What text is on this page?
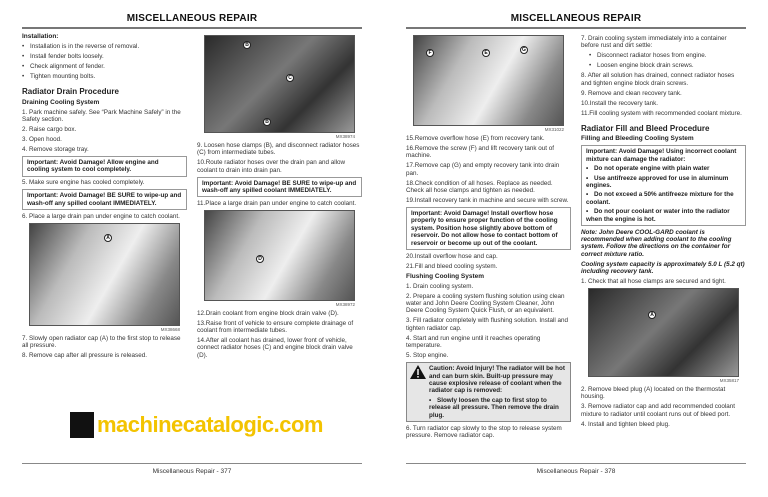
MISCELLANEOUS REPAIR
Installation:
• Installation is in the reverse of removal.
• Install fender bolts loosely.
• Check alignment of fender.
• Tighten mounting bolts.
Radiator Drain Procedure
Draining Cooling System
1. Park machine safely. See “Park Machine Safely” in the Safety section.
2. Raise cargo box.
3. Open hood.
4. Remove storage tray.
Important: Avoid Damage! Allow engine and cooling system to cool completely.
5. Make sure engine has cooled completely.
Important: Avoid Damage! BE SURE to wipe-up and wash-off any spilled coolant IMMEDIATELY.
6. Place a large drain pan under engine to catch coolant.
A
MX38668
7. Slowly open radiator cap (A) to the first stop to release all pressure.
8. Remove cap after all pressure is released.
B
C
B
MX38974
9. Loosen hose clamps (B), and disconnect radiator hoses (C) from intermediate tubes.
10.Route radiator hoses over the drain pan and allow coolant to drain into drain pan.
Important: Avoid Damage! BE SURE to wipe-up and wash-off any spilled coolant IMMEDIATELY.
11.Place a large drain pan under engine to catch coolant.
D
MX38972
12.Drain coolant from engine block drain valve (D).
13.Raise front of vehicle to ensure complete drainage of coolant from intermediate tubes.
14.After all coolant has drained, lower front of vehicle, connect radiator hoses (C) and engine block drain valve (D).
machinecatalogic.com
Miscellaneous Repair - 377
MISCELLANEOUS REPAIR
F	E	G
MX31022
15.Remove overflow hose (E) from recovery tank.
16.Remove the screw (F) and lift recovery tank out of machine.
17.Remove cap (G) and empty recovery tank into drain pan.
18.Check condition of all hoses. Replace as needed. Check all hose clamps and tighten as needed.
19.Install recovery tank in machine and secure with screw.
Important: Avoid Damage! Install overflow hose properly to ensure proper function of the cooling system. Position hose slightly above bottom of reservoir. Do not allow hose to contact bottom of reservoir or become up out of the coolant.
20.Install overflow hose and cap.
21.Fill and bleed cooling system.
Flushing Cooling System
1. Drain cooling system.
2. Prepare a cooling system flushing solution using clean water and John Deere Cooling System Cleaner, John Deere Cooling System Quick Flush, or an equivalent.
3. Fill radiator completely with flushing solution. Install and tighten radiator cap.
4. Start and run engine until it reaches operating temperature.
5. Stop engine.
Caution: Avoid Injury! The radiator will be hot and can burn skin. Built-up pressure may cause explosive release of coolant when the radiator cap is removed:
• Slowly loosen the cap to first stop to release all pressure. Then remove the drain plug.
6. Turn radiator cap slowly to the stop to release system pressure. Remove radiator cap.
7. Drain cooling system immediately into a container before rust and dirt settle:
• Disconnect radiator hoses from engine.
• Loosen engine block drain screws.
8. After all solution has drained, connect radiator hoses and tighten engine block drain screws.
9. Remove and clean recovery tank.
10.Install the recovery tank.
11.Fill cooling system with recommended coolant mixture.
Radiator Fill and Bleed Procedure
Filling and Bleeding Cooling System
Important: Avoid Damage! Using incorrect coolant mixture can damage the radiator:
• Do not operate engine with plain water
• Use antifreeze approved for use in aluminum engines.
• Do not exceed a 50% antifreeze mixture for the coolant.
• Do not pour coolant or water into the radiator when the engine is hot.
Note: John Deere COOL-GARD coolant is recommended when adding coolant to the cooling system. Follow the directions on the container for correct mixture ratio.
Cooling system capacity is approximately 5.0 L (5.2 qt) including recovery tank.
1. Check that all hose clamps are secured and tight.
A
MX35817
2. Remove bleed plug (A) located on the thermostat housing.
3. Remove radiator cap and add recommended coolant mixture to radiator until coolant runs out of bleed port.
4. Install and tighten bleed plug.
Miscellaneous Repair - 378
